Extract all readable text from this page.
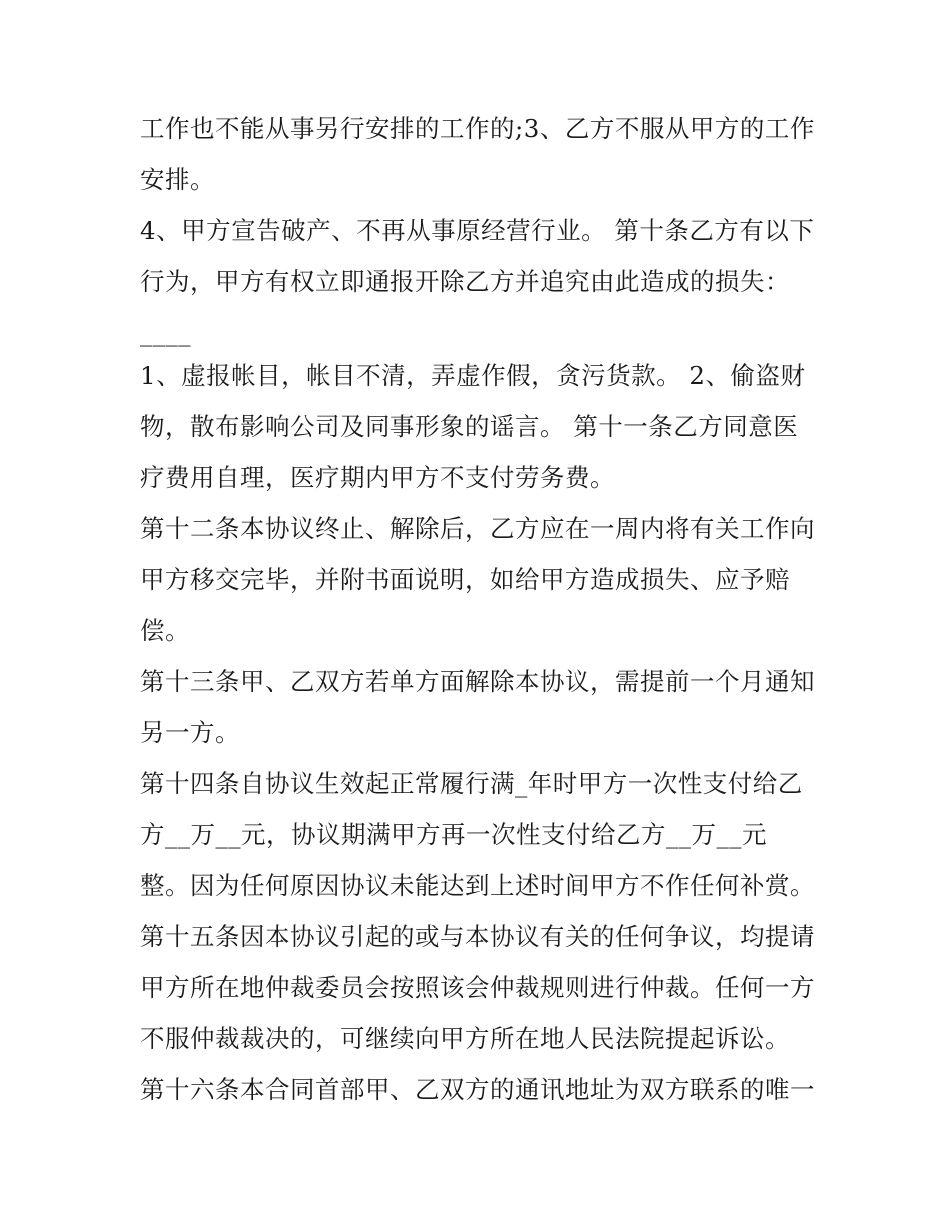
工作也不能从事另行安排的工作的;3、乙方不服从甲方的工作

安排。

4、甲方宣告破产、不再从事原经营行业。 第十条乙方有以下

行为，甲方有权立即通报开除乙方并追究由此造成的损失：

____

1、虚报帐目，帐目不清，弄虚作假，贪污货款。 2、偷盗财

物，散布影响公司及同事形象的谣言。 第十一条乙方同意医

疗费用自理，医疗期内甲方不支付劳务费。

第十二条本协议终止、解除后，乙方应在一周内将有关工作向

甲方移交完毕，并附书面说明，如给甲方造成损失、应予赔

偿。

第十三条甲、乙双方若单方面解除本协议，需提前一个月通知

另一方。

第十四条自协议生效起正常履行满_年时甲方一次性支付给乙

方__万__元，协议期满甲方再一次性支付给乙方__万__元

整。因为任何原因协议未能达到上述时间甲方不作任何补赏。

第十五条因本协议引起的或与本协议有关的任何争议，均提请

甲方所在地仲裁委员会按照该会仲裁规则进行仲裁。任何一方

不服仲裁裁决的，可继续向甲方所在地人民法院提起诉讼。

第十六条本合同首部甲、乙双方的通讯地址为双方联系的唯一
